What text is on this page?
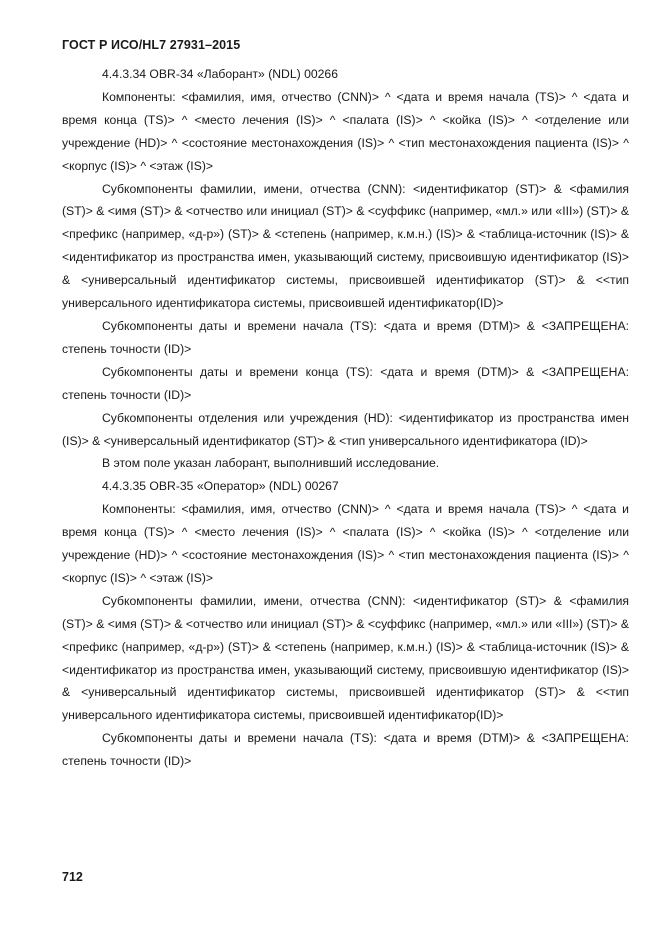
ГОСТ Р ИСО/HL7 27931–2015

4.4.3.34 OBR-34 «Лаборант» (NDL) 00266

Компоненты: <фамилия, имя, отчество (CNN)> ^ <дата и время начала (TS)> ^ <дата и время конца (TS)> ^ <место лечения (IS)> ^ <палата (IS)> ^ <койка (IS)> ^ <отделение или учреждение (HD)> ^ <состояние местонахождения (IS)> ^ <тип местонахождения пациента (IS)> ^ <корпус (IS)> ^ <этаж (IS)>

Субкомпоненты фамилии, имени, отчества (CNN): <идентификатор (ST)> & <фамилия (ST)> & <имя (ST)> & <отчество или инициал (ST)> & <суффикс (например, «мл.» или «III») (ST)> & <префикс (например, «д-р») (ST)> & <степень (например, к.м.н.) (IS)> & <таблица-источник (IS)> & <идентификатор из пространства имен, указывающий систему, присвоившую идентификатор (IS)> & <универсальный идентификатор системы, присвоившей идентификатор (ST)> & <<тип универсального идентификатора системы, присвоившей идентификатор(ID)>

Субкомпоненты даты и времени начала (TS): <дата и время (DTM)> & <ЗАПРЕЩЕНА: степень точности (ID)>

Субкомпоненты даты и времени конца (TS): <дата и время (DTM)> & <ЗАПРЕЩЕНА: степень точности (ID)>

Субкомпоненты отделения или учреждения (HD): <идентификатор из пространства имен (IS)> & <универсальный идентификатор (ST)> & <тип универсального идентификатора (ID)>

В этом поле указан лаборант, выполнивший исследование.

4.4.3.35 OBR-35 «Оператор» (NDL) 00267

Компоненты: <фамилия, имя, отчество (CNN)> ^ <дата и время начала (TS)> ^ <дата и время конца (TS)> ^ <место лечения (IS)> ^ <палата (IS)> ^ <койка (IS)> ^ <отделение или учреждение (HD)> ^ <состояние местонахождения (IS)> ^ <тип местонахождения пациента (IS)> ^ <корпус (IS)> ^ <этаж (IS)>

Субкомпоненты фамилии, имени, отчества (CNN): <идентификатор (ST)> & <фамилия (ST)> & <имя (ST)> & <отчество или инициал (ST)> & <суффикс (например, «мл.» или «III») (ST)> & <префикс (например, «д-р») (ST)> & <степень (например, к.м.н.) (IS)> & <таблица-источник (IS)> & <идентификатор из пространства имен, указывающий систему, присвоившую идентификатор (IS)> & <универсальный идентификатор системы, присвоившей идентификатор (ST)> & <<тип универсального идентификатора системы, присвоившей идентификатор(ID)>

Субкомпоненты даты и времени начала (TS): <дата и время (DTM)> & <ЗАПРЕЩЕНА: степень точности (ID)>

712
